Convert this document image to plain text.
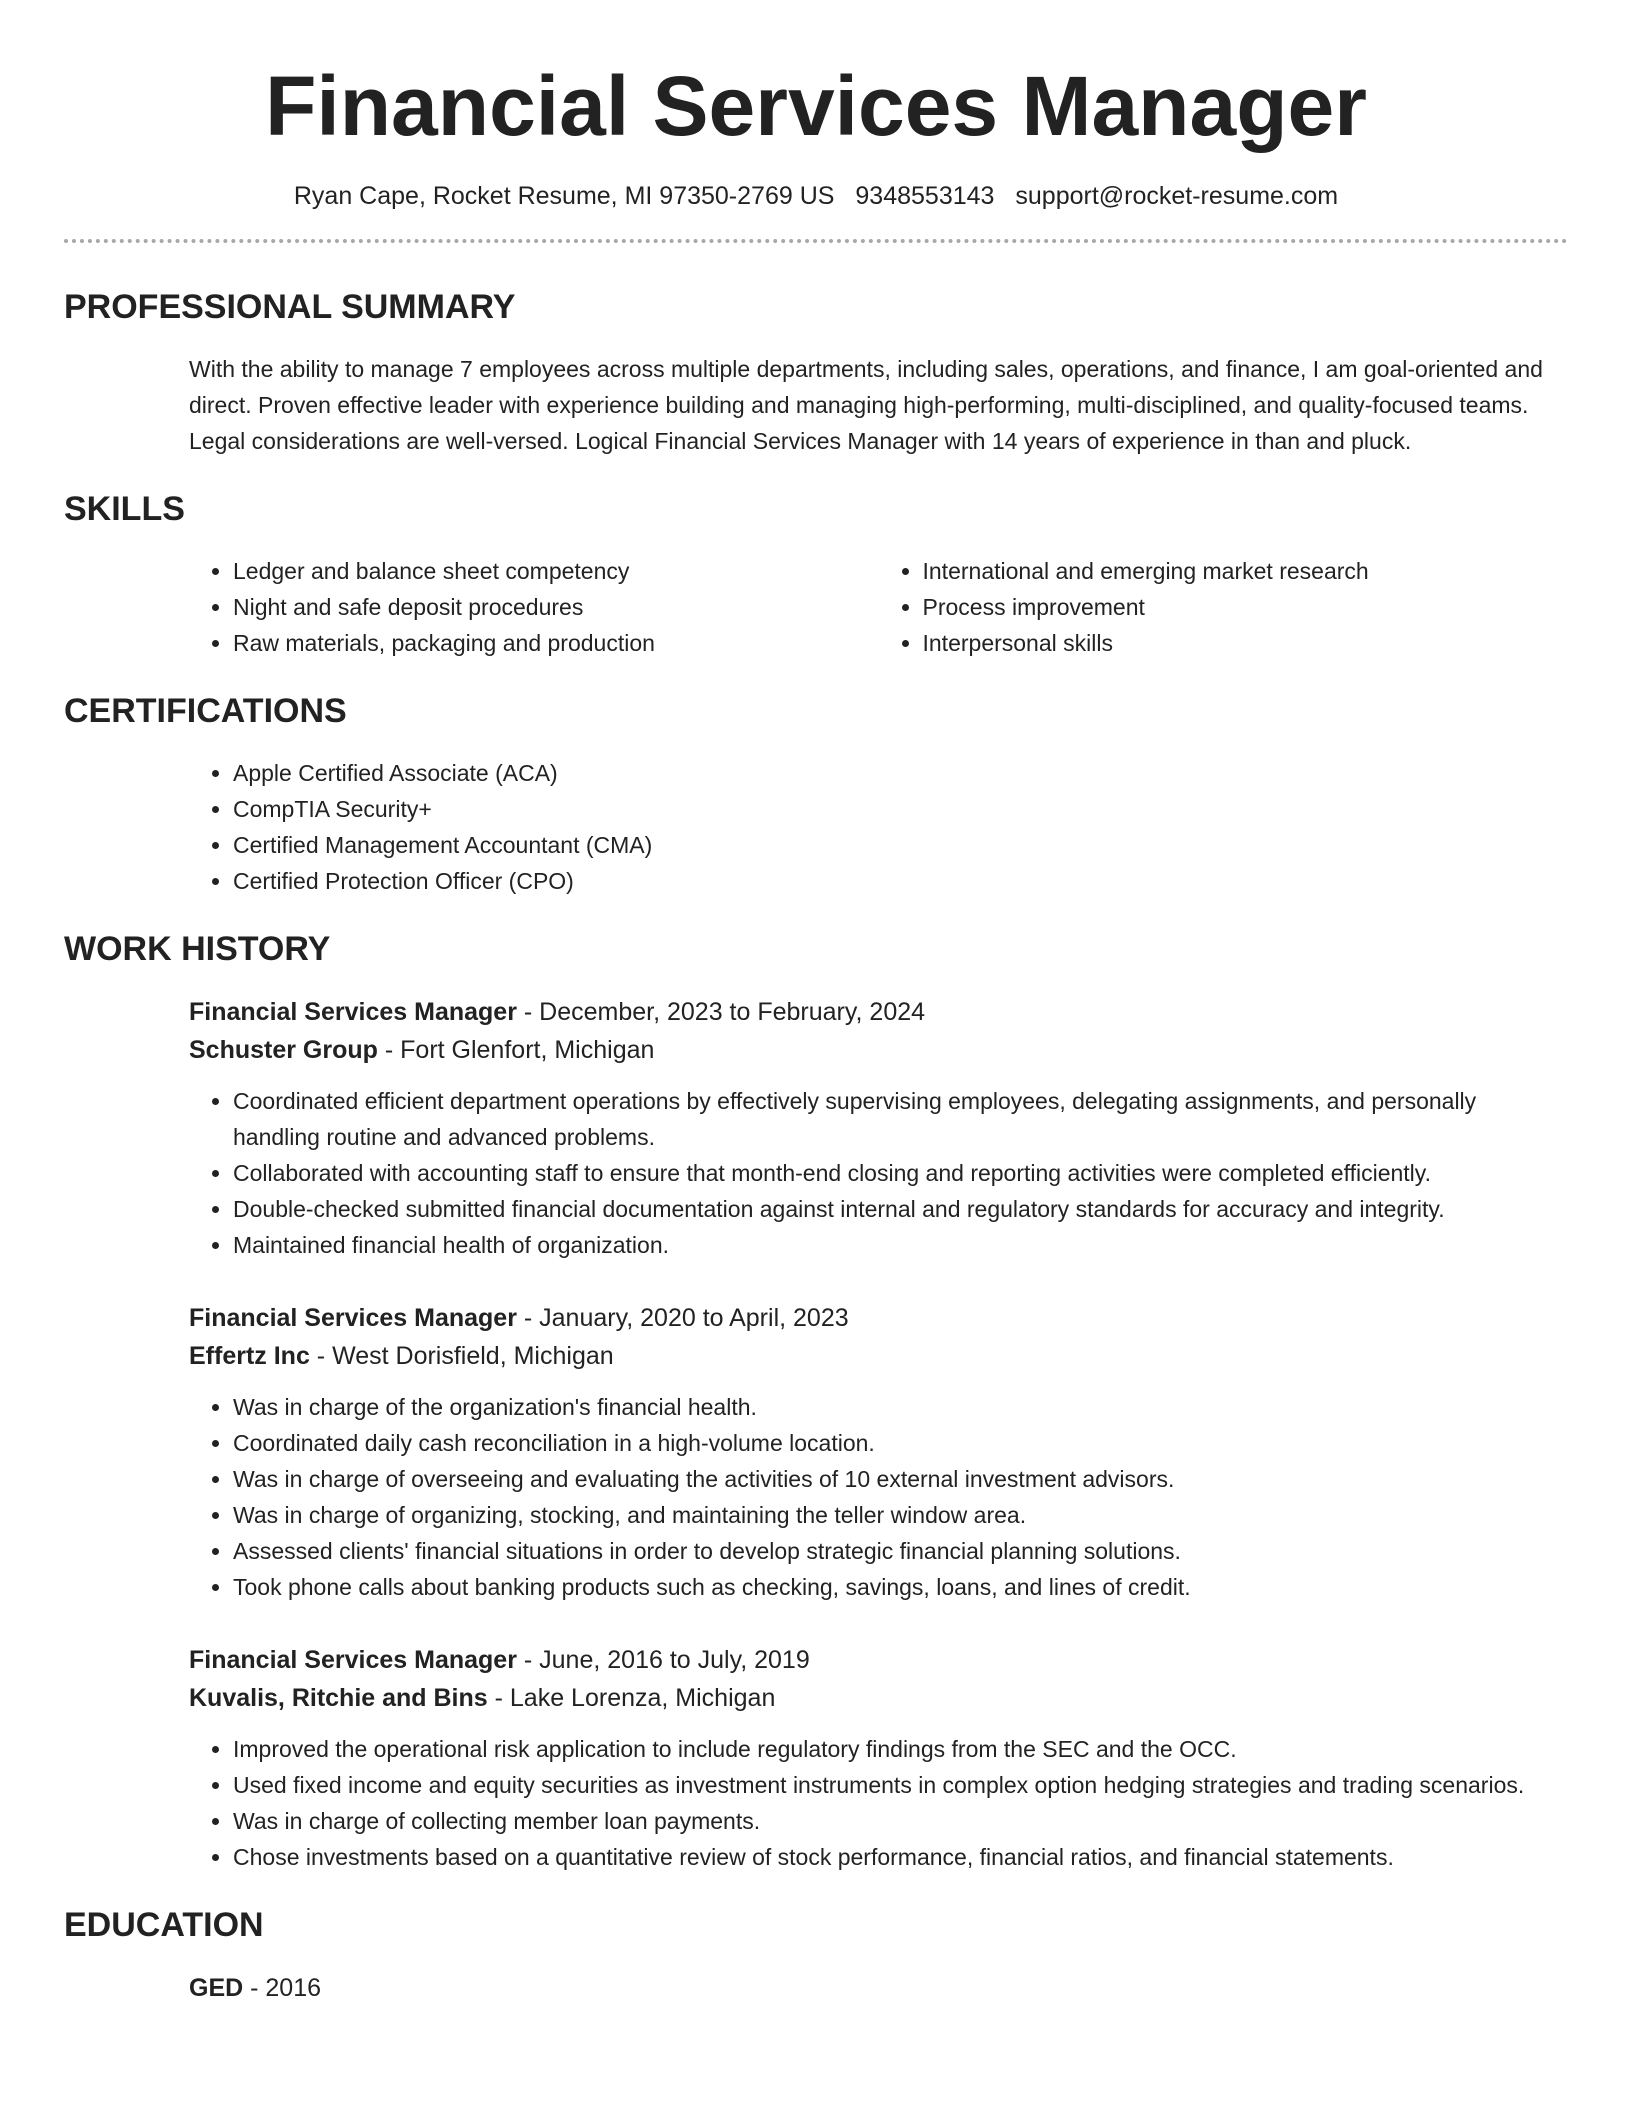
Financial Services Manager
Ryan Cape, Rocket Resume, MI 97350-2769 US 9348553143 support@rocket-resume.com
PROFESSIONAL SUMMARY
With the ability to manage 7 employees across multiple departments, including sales, operations, and finance, I am goal-oriented and direct. Proven effective leader with experience building and managing high-performing, multi-disciplined, and quality-focused teams. Legal considerations are well-versed. Logical Financial Services Manager with 14 years of experience in than and pluck.
SKILLS
• Ledger and balance sheet competency
• Night and safe deposit procedures
• Raw materials, packaging and production
• International and emerging market research
• Process improvement
• Interpersonal skills
CERTIFICATIONS
• Apple Certified Associate (ACA)
• CompTIA Security+
• Certified Management Accountant (CMA)
• Certified Protection Officer (CPO)
WORK HISTORY
Financial Services Manager - December, 2023 to February, 2024
Schuster Group - Fort Glenfort, Michigan
• Coordinated efficient department operations by effectively supervising employees, delegating assignments, and personally handling routine and advanced problems.
• Collaborated with accounting staff to ensure that month-end closing and reporting activities were completed efficiently.
• Double-checked submitted financial documentation against internal and regulatory standards for accuracy and integrity.
• Maintained financial health of organization.
Financial Services Manager - January, 2020 to April, 2023
Effertz Inc - West Dorisfield, Michigan
• Was in charge of the organization's financial health.
• Coordinated daily cash reconciliation in a high-volume location.
• Was in charge of overseeing and evaluating the activities of 10 external investment advisors.
• Was in charge of organizing, stocking, and maintaining the teller window area.
• Assessed clients' financial situations in order to develop strategic financial planning solutions.
• Took phone calls about banking products such as checking, savings, loans, and lines of credit.
Financial Services Manager - June, 2016 to July, 2019
Kuvalis, Ritchie and Bins - Lake Lorenza, Michigan
• Improved the operational risk application to include regulatory findings from the SEC and the OCC.
• Used fixed income and equity securities as investment instruments in complex option hedging strategies and trading scenarios.
• Was in charge of collecting member loan payments.
• Chose investments based on a quantitative review of stock performance, financial ratios, and financial statements.
EDUCATION
GED - 2016
